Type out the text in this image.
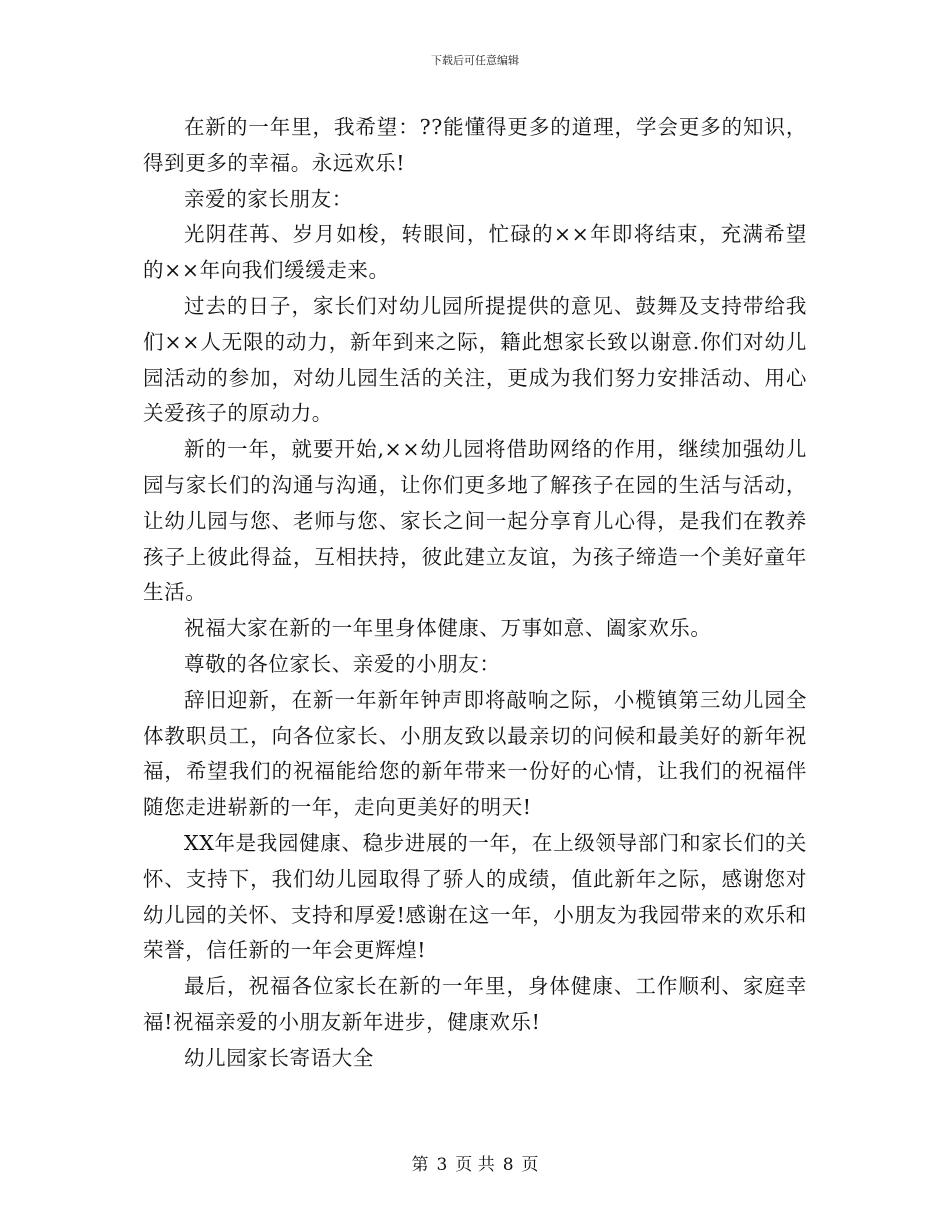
下载后可任意编辑

在新的一年里，我希望：??能懂得更多的道理，学会更多的知识，得到更多的幸福。永远欢乐!

亲爱的家长朋友：

光阴荏苒、岁月如梭，转眼间，忙碌的××年即将结束，充满希望的××年向我们缓缓走来。

过去的日子，家长们对幼儿园所提提供的意见、鼓舞及支持带给我们××人无限的动力，新年到来之际，籍此想家长致以谢意.你们对幼儿园活动的参加，对幼儿园生活的关注，更成为我们努力安排活动、用心关爱孩子的原动力。

新的一年，就要开始,××幼儿园将借助网络的作用，继续加强幼儿园与家长们的沟通与沟通，让你们更多地了解孩子在园的生活与活动，让幼儿园与您、老师与您、家长之间一起分享育儿心得，是我们在教养孩子上彼此得益，互相扶持，彼此建立友谊，为孩子缔造一个美好童年生活。

祝福大家在新的一年里身体健康、万事如意、阖家欢乐。

尊敬的各位家长、亲爱的小朋友：

辞旧迎新，在新一年新年钟声即将敲响之际，小榄镇第三幼儿园全体教职员工，向各位家长、小朋友致以最亲切的问候和最美好的新年祝福，希望我们的祝福能给您的新年带来一份好的心情，让我们的祝福伴随您走进崭新的一年，走向更美好的明天!

XX年是我园健康、稳步进展的一年，在上级领导部门和家长们的关怀、支持下，我们幼儿园取得了骄人的成绩，值此新年之际，感谢您对幼儿园的关怀、支持和厚爱!感谢在这一年，小朋友为我园带来的欢乐和荣誉，信任新的一年会更辉煌!

最后，祝福各位家长在新的一年里，身体健康、工作顺利、家庭幸福!祝福亲爱的小朋友新年进步，健康欢乐!

幼儿园家长寄语大全

第 3 页 共 8 页
